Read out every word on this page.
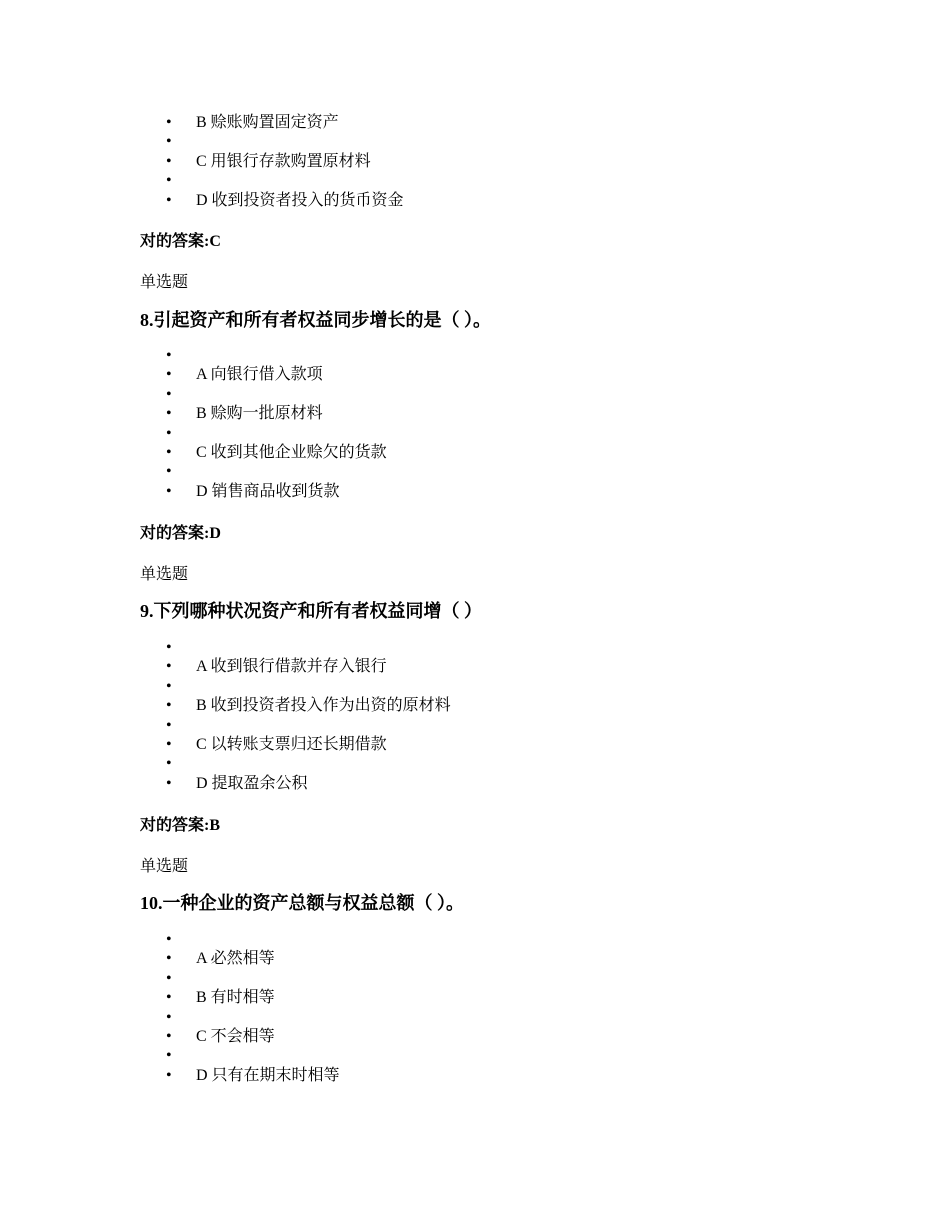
• B 赊账购置固定资产
•
• C 用银行存款购置原材料
•
• D 收到投资者投入的货币资金
对的答案:C
单选题
8.引起资产和所有者权益同步增长的是（ ）。
•
• A 向银行借入款项
•
• B 赊购一批原材料
•
• C 收到其他企业赊欠的货款
•
• D 销售商品收到货款
对的答案:D
单选题
9.下列哪种状况资产和所有者权益同增（ ）
•
• A 收到银行借款并存入银行
•
• B 收到投资者投入作为出资的原材料
•
• C 以转账支票归还长期借款
•
• D 提取盈余公积
对的答案:B
单选题
10.一种企业的资产总额与权益总额（ ）。
•
• A 必然相等
•
• B 有时相等
•
• C 不会相等
•
• D 只有在期末时相等
